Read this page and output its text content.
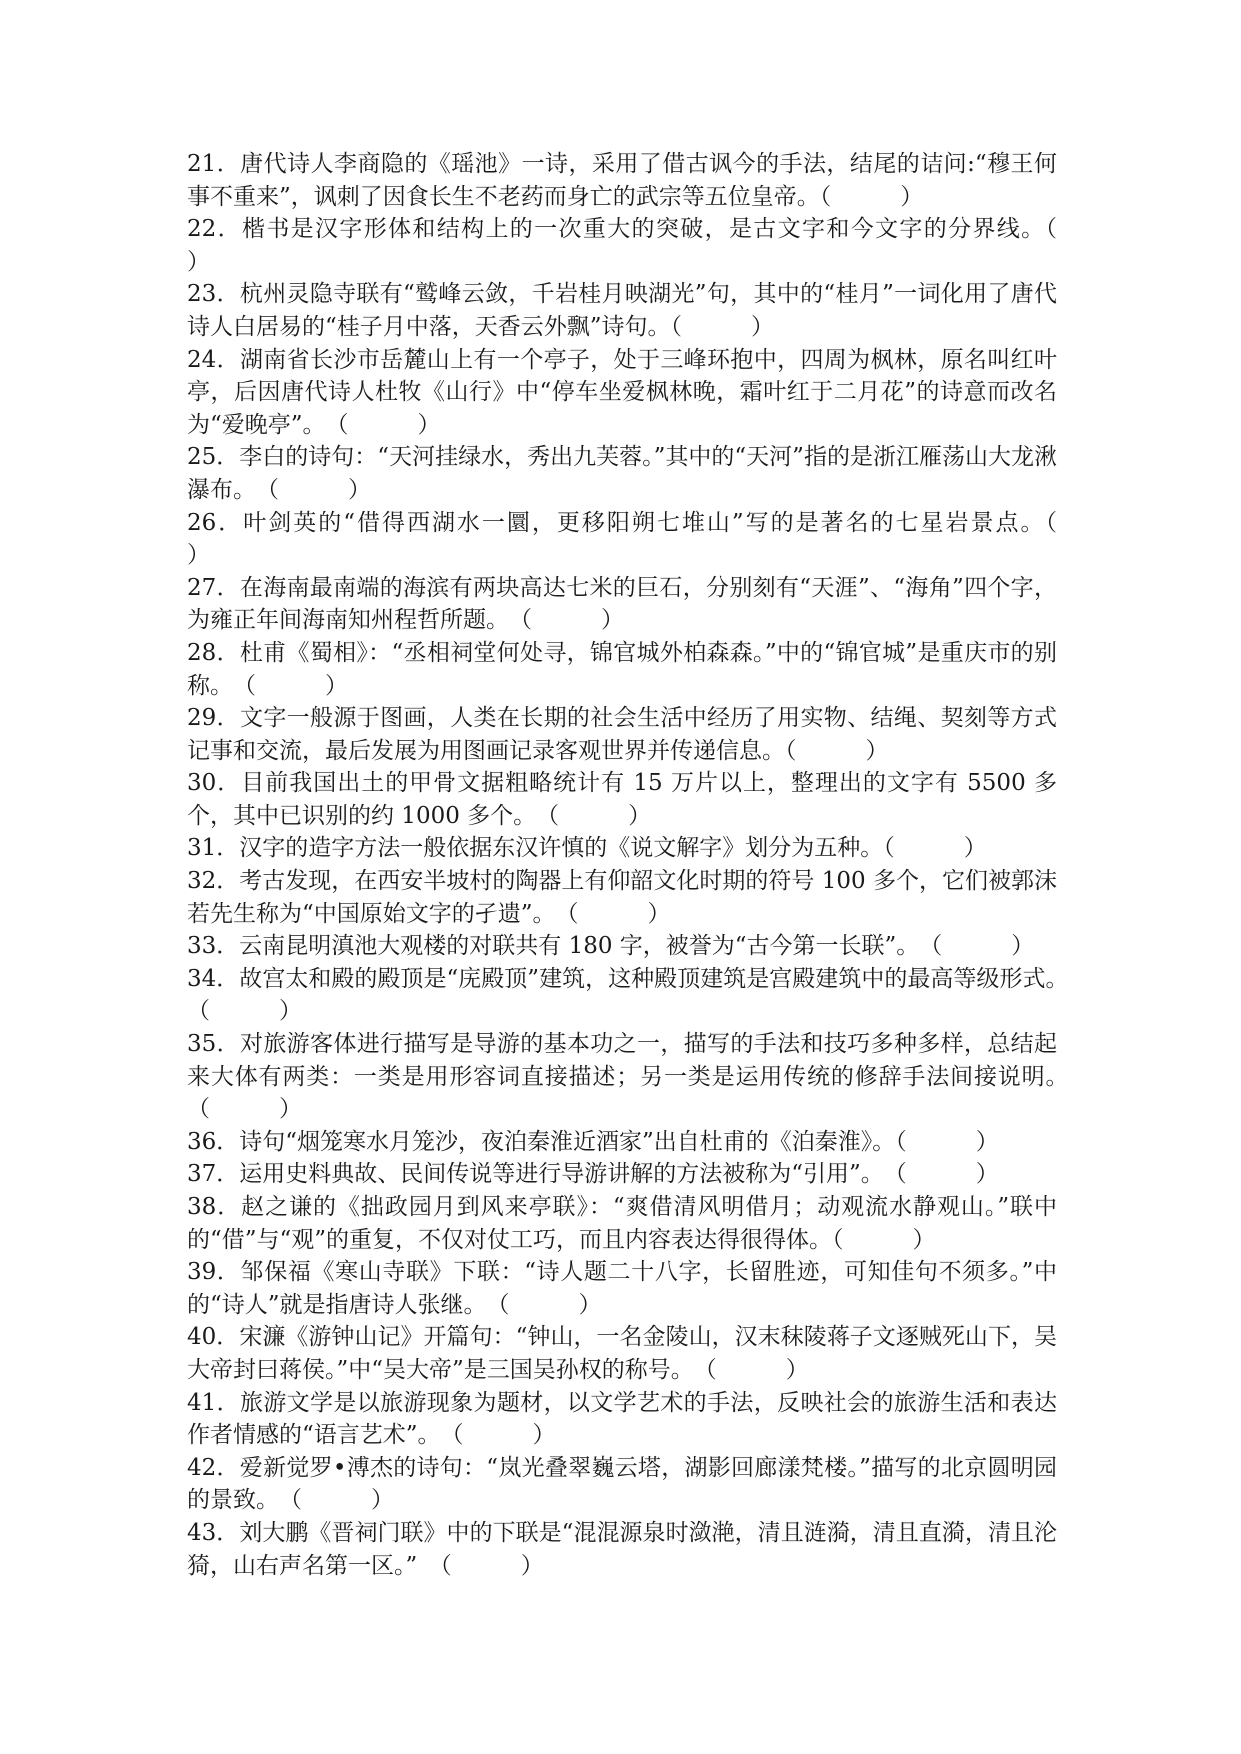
21．唐代诗人李商隐的《瑶池》一诗，采用了借古讽今的手法，结尾的诘问:“穆王何事不重来”，讽刺了因食长生不老药而身亡的武宗等五位皇帝。（　　　）

22．楷书是汉字形体和结构上的一次重大的突破，是古文字和今文字的分界线。（　　　）

23．杭州灵隐寺联有“鹫峰云敛，千岩桂月映湖光”句，其中的“桂月”一词化用了唐代诗人白居易的“桂子月中落，天香云外飘”诗句。（　　　）

24．湖南省长沙市岳麓山上有一个亭子，处于三峰环抱中，四周为枫林，原名叫红叶亭，后因唐代诗人杜牧《山行》中“停车坐爱枫林晚，霜叶红于二月花”的诗意而改名为“爱晚亭”。　（　　　）

25．李白的诗句：“天河挂绿水，秀出九芙蓉。”其中的“天河”指的是浙江雁荡山大龙湫瀑布。　（　　　）

26．叶剑英的“借得西湖水一圜，更移阳朔七堆山”写的是著名的七星岩景点。（　　　）

27．在海南最南端的海滨有两块高达七米的巨石，分别刻有“天涯”、“海角”四个字，为雍正年间海南知州程哲所题。　（　　　）

28．杜甫《蜀相》：“丞相祠堂何处寻，锦官城外柏森森。”中的“锦官城”是重庆市的别称。　（　　　）

29．文字一般源于图画，人类在长期的社会生活中经历了用实物、结绳、契刻等方式记事和交流，最后发展为用图画记录客观世界并传递信息。（　　　）

30．目前我国出土的甲骨文据粗略统计有 15 万片以上，整理出的文字有 5500 多个，其中已识别的约 1000 多个。　（　　　）

31．汉字的造字方法一般依据东汉许慎的《说文解字》划分为五种。（　　　）

32．考古发现，在西安半坡村的陶器上有仰韶文化时期的符号 100 多个，它们被郭沫若先生称为“中国原始文字的孑遗”。　（　　　）

33．云南昆明滇池大观楼的对联共有 180 字，被誉为“古今第一长联”。　（　　　）

34．故宫太和殿的殿顶是“庑殿顶”建筑，这种殿顶建筑是宫殿建筑中的最高等级形式。　（　　　）

35．对旅游客体进行描写是导游的基本功之一，描写的手法和技巧多种多样，总结起来大体有两类：一类是用形容词直接描述；另一类是运用传统的修辞手法间接说明。　（　　　）

36．诗句“烟笼寒水月笼沙，夜泊秦淮近酒家”出自杜甫的《泊秦淮》。（　　　）

37．运用史料典故、民间传说等进行导游讲解的方法被称为“引用”。　（　　　）

38．赵之谦的《拙政园月到风来亭联》：“爽借清风明借月；动观流水静观山。”联中的“借”与“观”的重复，不仅对仗工巧，而且内容表达得很得体。（　　　）

39．邹保福《寒山寺联》下联：“诗人题二十八字，长留胜迹，可知佳句不须多。”中的“诗人”就是指唐诗人张继。　（　　　）

40．宋濂《游钟山记》开篇句：“钟山，一名金陵山，汉末秣陵蒋子文逐贼死山下，吴大帝封曰蒋侯。”中“吴大帝”是三国吴孙权的称号。　（　　　）

41．旅游文学是以旅游现象为题材，以文学艺术的手法，反映社会的旅游生活和表达作者情感的“语言艺术”。　（　　　）

42．爱新觉罗•溥杰的诗句：“岚光叠翠巍云塔，湖影回廊漾梵楼。”描写的北京圆明园的景致。　（　　　）

43．刘大鹏《晋祠门联》中的下联是“混混源泉时潋滟，清且涟漪，清且直漪，清且沦猗，山右声名第一区。”　（　　　）
